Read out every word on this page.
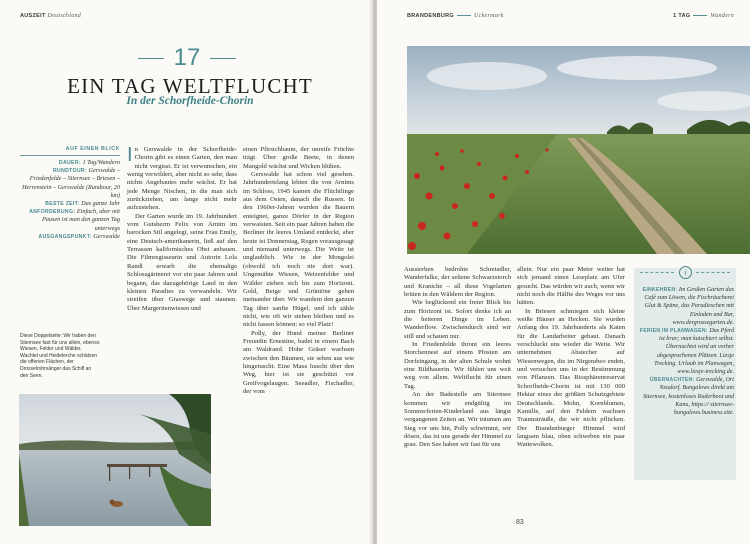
AUSZEIT Deutschland
17
EIN TAG WELTFLUCHT
In der Schorfheide-Chorin
AUF EINEN BLICK
DAUER: 1 Tag/Wandern
RUNDTOUR: Gerswalde – Friedenfelde – Stiernsee – Briesen – Herrenstein – Gerswalde (Rundtour, 20 km)
BESTE ZEIT: Das ganze Jahr
ANFORDERUNG: Einfach, aber mit Pausen ist man den ganzen Tag unterwegs
AUSGANGSPUNKT: Gerswalde

In Gerswalde in der Schorfheide-Chorin gibt es einen Garten, den man nicht vergisst. Er ist verwunschen, ein wenig verwildert, aber nicht so sehr, dass nichts Angebautes mehr wächst. Er hat jede Menge Nischen, in die man sich zurückziehen, um lange nicht mehr aufzustehen.

Der Garten wurde im 19. Jahrhundert vom Gutsherrn Felix von Arnim im barocken Stil angelegt, seine Frau Emily, eine Deutsch-amerikanerin, ließ auf den Terrassen kalifornisches Obst anbauen. Die Filmregisseurin und Autorin Lola Randl erwarb die ehemalige Schlossgärtnerei vor ein paar Jahren und begann, das dazugehörige Land in den kleinen Paradies zu verwandeln. Wir streifen über Graswege und staunen. Über Margeritenwiesen und

einen Pfirsichbaum, der unreife Früchte trägt. Über große Beete, in denen Mangold wächst und Wicken blühen.

Gerswalde hat schon viel gesehen. Jahrhundertelang lebten die von Arnims im Schloss, 1945 kamen die Flüchtlinge aus dem Osten, danach die Russen. In den 1960er-Jahren wurden die Bauern enteignet, ganze Dörfer in der Region verwaisten. Seit ein paar Jahren haben die Berliner ihr leeres Umland entdeckt, aber heute ist Donnerstag, Regen vorausgesagt und niemand unterwegs. Die Weite ist unglaublich. Wie in der Mongolei (obwohl ich noch nie dort war). Ungemähte Wiesen, Weizenfelder und Wälder ziehen sich bis zum Horizont. Gold, Beige und Grüntöne gehen ineinander über. Wir wandern den ganzen Tag über sanfte Hügel, und ich zähle nicht, wie oft wir stehen bleiben und es nicht fassen können: so viel Platz!

Polly, der Hund meiner Berliner Freundin Ernestine, badet in einem Bach am Waldrand. Hohe Gräser wachsen zwischen den Bäumen, sie sehen aus wie hingetuscht. Eine Maus huscht über den Weg, hier ist sie geschützt vor Greifvogelaugen. Seeadler, Fischadler, der vom

Diese Doppelseite: Wir haben den Stiernsee fast für uns allein, ebenso Wiesen, Felder und Wälder. Wachtel und Heidelerche schätzen die offenen Flächen, der Drosselrohrsänger das Schilf an den Seen.
BRANDENBURG	Uckermark	1 TAG	Wandern

Aussterben bedrohte Schreiadler, Wanderfalke, der seltene Schwarzstorch und Kraniche – all diese Vogelarten brüten in den Wäldern der Region.

Wie beglückend ein freier Blick bis zum Horizont ist. Sofort denke ich an die heiteren Dinge im Leben. Wanderflow. Zwischendurch sind wir still und schauen nur.

In Friedenfelde thront ein leeres Storchennest auf einem Pfosten am Dorfeingang, in der alten Schule wohnt eine Bildhauerin. Wir fühlen uns weit weg von allem. Weltflucht für einen Tag.

An der Badestelle am Stiernsee kommen wir endgültig im Sommerferien-Kinderland aus längst vergangenen Zeiten an. Wir träumen am Steg vor uns hin, Polly schwimmt, wir dösen, das ist uns gerade der Himmel zu grau. Den See haben wir fast für uns

allein. Nur ein paar Meter weiter hat sich jemand einen Leseplatz am Ufer gesucht. Das würden wir auch, wenn wir nicht noch die Hälfte des Weges vor uns hätten.

In Briesen schmiegen sich kleine weiße Häuser an Hecken. Sie wurden Anfang des 19. Jahrhunderts als Katen für die Landarbeiter gebaut. Danach verschluckt uns wieder die Weite. Wir unternehmen Abstecher auf Wiesenwegen, die im Nirgendwo enden, und versuchen uns in der Bestimmung von Pflanzen. Das Biosphärenreservat Schorfheide-Chorin ist mit 130 000 Hektar eines der größten Schutzgebiete Deutschlands. Mohn, Kornblumen, Kamille, auf den Feldern wachsen Traumsträuße, die wir nicht pflücken. Der Brandenburger Himmel wird langsam blau, oben schweben ein paar Wattewolken.

83
i
EINKEHREN: Im Großen Garten das Café zum Löwen, die Fischräucherei Glut & Späne, das Paradieschen mit Einladen und Bar, www.dergrossegarten.de.
FERIEN IM PLANWAGEN: Das Pferd ist brav; man kutschiert selbst. Übernachtet wird an vorher abgesprochenen Plätzen. Liesje Trecking. Urlaub im Planwagen, www.liesje-trecking.de.
ÜBERNACHTEN: Gerswalde, Ort Neudorf. Bungalows direkt am Stiernsee, kostenloses Ruderboot und Kanu, https:// stiernsee-bungalows.business.site.
